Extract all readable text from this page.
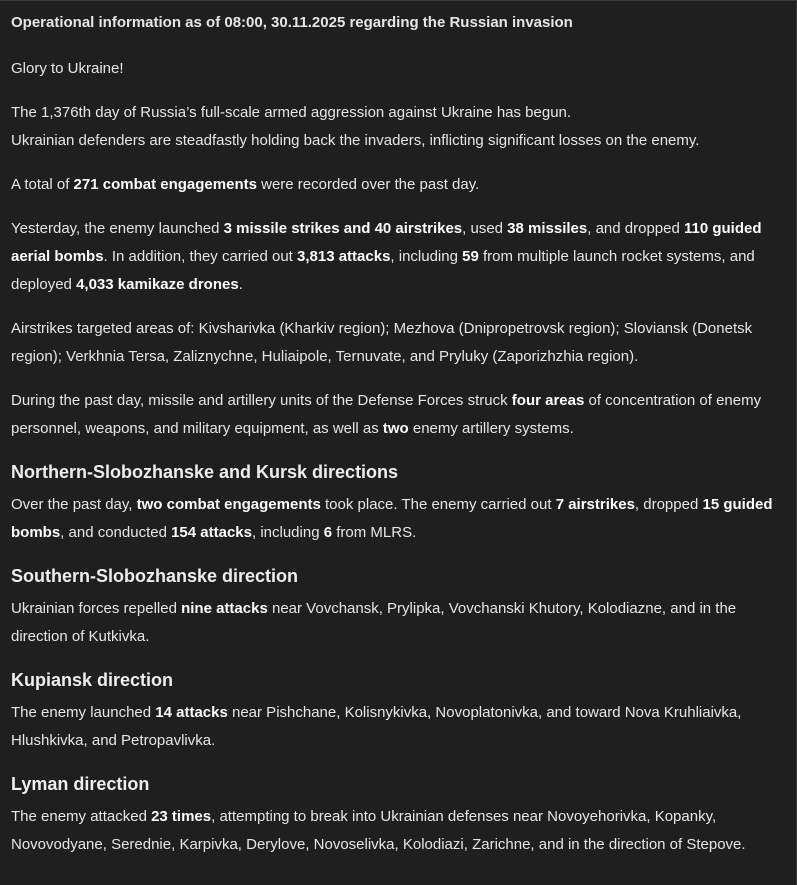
Operational information as of 08:00, 30.11.2025 regarding the Russian invasion

Glory to Ukraine!

The 1,376th day of Russia’s full-scale armed aggression against Ukraine has begun.
Ukrainian defenders are steadfastly holding back the invaders, inflicting significant losses on the enemy.

A total of 271 combat engagements were recorded over the past day.

Yesterday, the enemy launched 3 missile strikes and 40 airstrikes, used 38 missiles, and dropped 110 guided aerial bombs. In addition, they carried out 3,813 attacks, including 59 from multiple launch rocket systems, and deployed 4,033 kamikaze drones.

Airstrikes targeted areas of: Kivsharivka (Kharkiv region); Mezhova (Dnipropetrovsk region); Sloviansk (Donetsk region); Verkhnia Tersa, Zaliznychne, Huliaipole, Ternuvate, and Pryluky (Zaporizhzhia region).

During the past day, missile and artillery units of the Defense Forces struck four areas of concentration of enemy personnel, weapons, and military equipment, as well as two enemy artillery systems.

Northern-Slobozhanske and Kursk directions

Over the past day, two combat engagements took place. The enemy carried out 7 airstrikes, dropped 15 guided bombs, and conducted 154 attacks, including 6 from MLRS.

Southern-Slobozhanske direction

Ukrainian forces repelled nine attacks near Vovchansk, Prylipka, Vovchanski Khutory, Kolodiazne, and in the direction of Kutkivka.

Kupiansk direction

The enemy launched 14 attacks near Pishchane, Kolisnykivka, Novoplatonivka, and toward Nova Kruhliaivka, Hlushkivka, and Petropavlivka.

Lyman direction

The enemy attacked 23 times, attempting to break into Ukrainian defenses near Novoyehorivka, Kopanky, Novovodyane, Serednie, Karpivka, Derylove, Novoselivka, Kolodiazi, Zarichne, and in the direction of Stepove.
